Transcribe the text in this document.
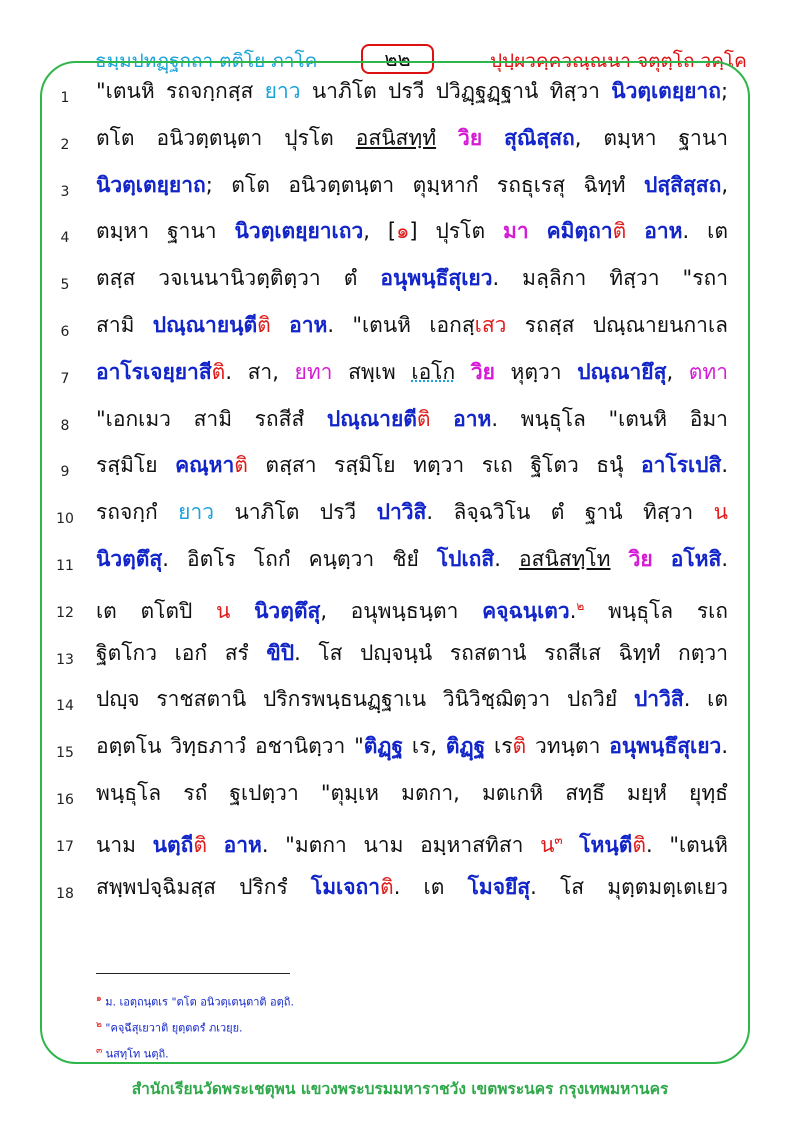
ธมฺมปทฏฺฐกถา ตติโย ภาโค	๒๒	ปุปฺผวคฺควณฺณนา จตุตฺโถ วคฺโค
1	"เตนหิ รถจกฺกสฺส ยาว นาภิโต ปรวี ปวิฏฺฐฏฺฐานํ ทิสฺวา นิวตฺเตยฺยาถ;
2	ตโต อนิวตฺตนฺตา ปุรโต อสนิสทฺทํ วิย สุณิสฺสถ, ตมฺหา ฐานา
3	นิวตฺเตยฺยาถ; ตโต อนิวตฺตนฺตา ตุมฺหากํ รถธุเรสุ ฉิทฺทํ ปสฺสิสฺสถ,
4	ตมฺหา ฐานา นิวตฺเตยฺยาเถว, [๑] ปุรโต มา คมิตฺถาติ อาห. เต
5	ตสฺส วจเนนานิวตฺติตฺวา ตํ อนุพนฺธึสุเยว. มลฺลิกา ทิสฺวา "รถา
6	สามิ ปณฺณายนฺตีติ อาห. "เตนหิ เอกสฺเสว รถสฺส ปณฺณายนกาเล
7	อาโรเจยฺยาสีติ. สา, ยทา สพฺเพ เอโก วิย หุตฺวา ปณฺณายึสุ, ตทา
8	"เอกเมว สามิ รถสีสํ ปณฺณายตีติ อาห. พนฺธุโล "เตนหิ อิมา
9	รสฺมิโย คณฺหาติ ตสฺสา รสฺมิโย ทตฺวา รเถ ฐิโตว ธนุํ อาโรเปสิ.
10	รถจกฺกํ ยาว นาภิโต ปรวี ปาวิสิ. ลิจฺฉวิโน ตํ ฐานํ ทิสฺวา น
11	นิวตฺตึสุ. อิตโร โถกํ คนฺตฺวา ชิยํ โปเถสิ. อสนิสทฺโท วิย อโหสิ.
12	เต ตโตปิ น นิวตฺตึสุ, อนุพนฺธนฺตา คจฺฉนฺเตว.$^๒$ พนฺธุโล รเถ
13	ฐิตโกว เอกํ สรํ ขิปิ. โส ปญฺจนฺนํ รถสตานํ รถสีเส ฉิทฺทํ กตฺวา
14	ปญฺจ ราชสตานิ ปริกรพนฺธนฏฺฐาเน วินิวิชฺฌิตฺวา ปถวิยํ ปาวิสิ. เต
15	อตฺตโน วิทฺธภาวํ อชานิตฺวา "ติฏฺฐ เร, ติฏฺฐ เรติ วทนฺตา อนุพนฺธึสุเยว.
16	พนฺธุโล รถํ ฐเปตฺวา "ตุมฺเห มตกา, มตเกหิ สทฺธึ มยฺหํ ยุทฺธํ
17	นาม นตฺถีติ อาห. "มตกา นาม อมฺหาสทิสา น$^๓$ โหนฺตีติ. "เตนหิ
18	สพฺพปจฺฉิมสฺส ปริกรํ โมเจถาติ. เต โมจยึสุ. โส มุตฺตมตฺเตเยว
$^๑$ ม. เอตฺถนฺตเร "ตโต อนิวตฺเตนฺตาติ อตฺถิ.
$^๒$ "คจฺฉึสุเยวาติ ยุตฺตตรํ ภเวยฺย.
$^๓$ นสทฺโท นตฺถิ.
สำนักเรียนวัดพระเชตุพน แขวงพระบรมมหาราชวัง เขตพระนคร กรุงเทพมหานคร
